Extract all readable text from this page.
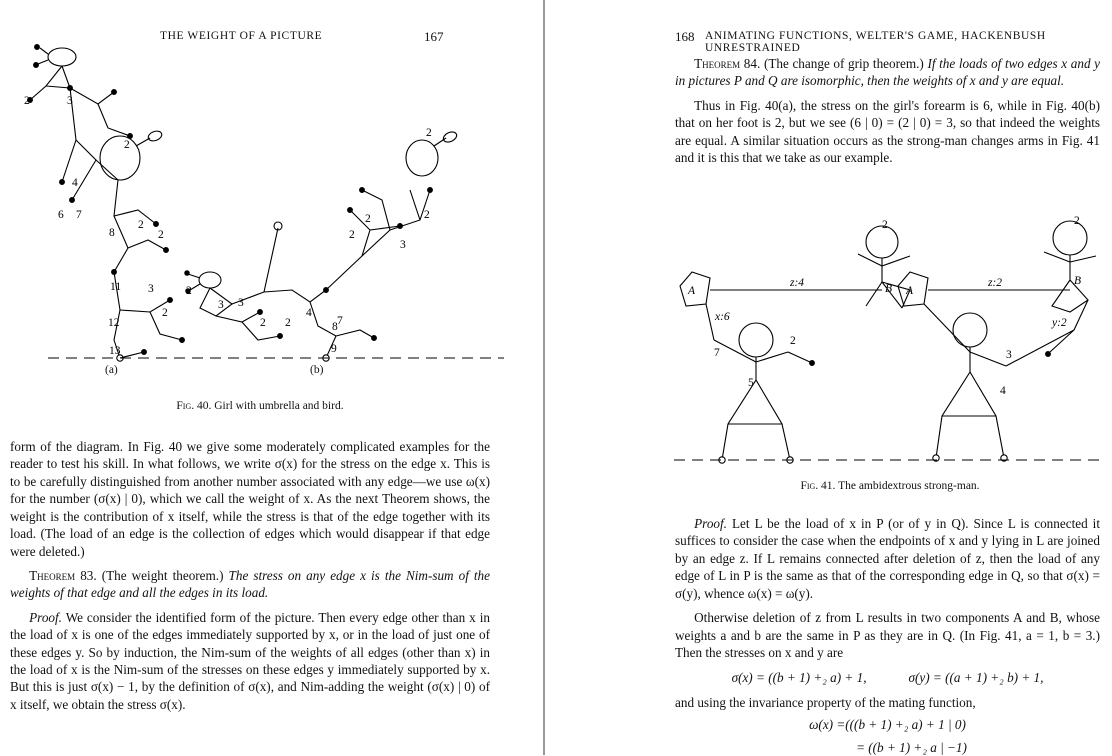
THE WEIGHT OF A PICTURE	167
2	3
4
2
6 7
8
2
2
11 3
2
12
13
2
3 3
2 2
4
7
2
2
3
2
9
8
2
(a)	(b)
Fig. 40. Girl with umbrella and bird.

form of the diagram. In Fig. 40 we give some moderately complicated examples for the reader to test his skill. In what follows, we write σ(x) for the stress on the edge x. This is to be carefully distinguished from another number associated with any edge—we use ω(x) for the number (σ(x) | 0), which we call the weight of x. As the next Theorem shows, the weight is the contribution of x itself, while the stress is that of the edge together with its load. (The load of an edge is the collection of edges which would disappear if that edge were deleted.)

Theorem 83. (The weight theorem.) The stress on any edge x is the Nim-sum of the weights of that edge and all the edges in its load.

Proof. We consider the identified form of the picture. Then every edge other than x in the load of x is one of the edges immediately supported by x, or in the load of just one of these edges y. So by induction, the Nim-sum of the weights of all edges (other than x) in the load of x is the Nim-sum of the stresses on these edges y immediately supported by x. But this is just σ(x) − 1, by the definition of σ(x), and Nim-adding the weight (σ(x) | 0) of x itself, we obtain the stress σ(x).

168 ANIMATING FUNCTIONS, WELTER'S GAME, HACKENBUSH UNRESTRAINED

Theorem 84. (The change of grip theorem.) If the loads of two edges x and y in pictures P and Q are isomorphic, then the weights of x and y are equal.

Thus in Fig. 40(a), the stress on the girl's forearm is 6, while in Fig. 40(b) that on her foot is 2, but we see (6 | 0) = (2 | 0) = 3, so that indeed the weights are equal. A similar situation occurs as the strong-man changes arms in Fig. 41 and it is this that we take as our example.

A	B
z:4
x:6
2
7
2
5
A
B
z:2
y:2
2
3
4
Fig. 41. The ambidextrous strong-man.

Proof. Let L be the load of x in P (or of y in Q). Since L is connected it suffices to consider the case when the endpoints of x and y lying in L are joined by an edge z. If L remains connected after deletion of z, then the load of any edge of L in P is the same as that of the corresponding edge in Q, so that σ(x) = σ(y), whence ω(x) = ω(y).

Otherwise deletion of z from L results in two components A and B, whose weights a and b are the same in P as they are in Q. (In Fig. 41, a = 1, b = 3.) Then the stresses on x and y are

σ(x) = ((b + 1) +₂ a) + 1,	σ(y) = ((a + 1) +₂ b) + 1,

and using the invariance property of the mating function,

ω(x) =(((b + 1) +₂ a) + 1 | 0)

= ((b + 1) +₂ a | −1)
